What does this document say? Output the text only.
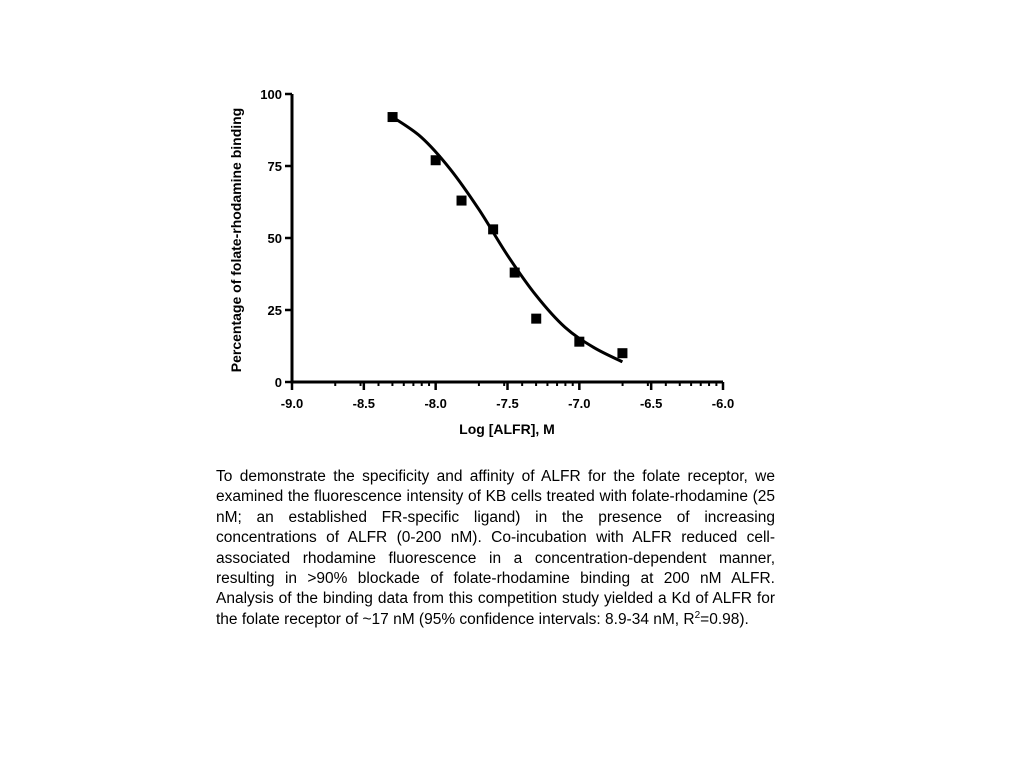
0
25
50
75
100
-9.0	-8.5	-8.0	-7.5	-7.0	-6.5	-6.0
Log [ALFR], M
Percentage of folate-rhodamine binding

To demonstrate the specificity and affinity of ALFR for the folate receptor, we examined the fluorescence intensity of KB cells treated with folate-rhodamine (25 nM; an established FR-specific ligand) in the presence of increasing concentrations of ALFR (0-200 nM). Co-incubation with ALFR reduced cell-associated rhodamine fluorescence in a concentration-dependent manner, resulting in >90% blockade of folate-rhodamine binding at 200 nM ALFR. Analysis of the binding data from this competition study yielded a Kd of ALFR for the folate receptor of ~17 nM (95% confidence intervals: 8.9-34 nM, $R^2=0.98$).
